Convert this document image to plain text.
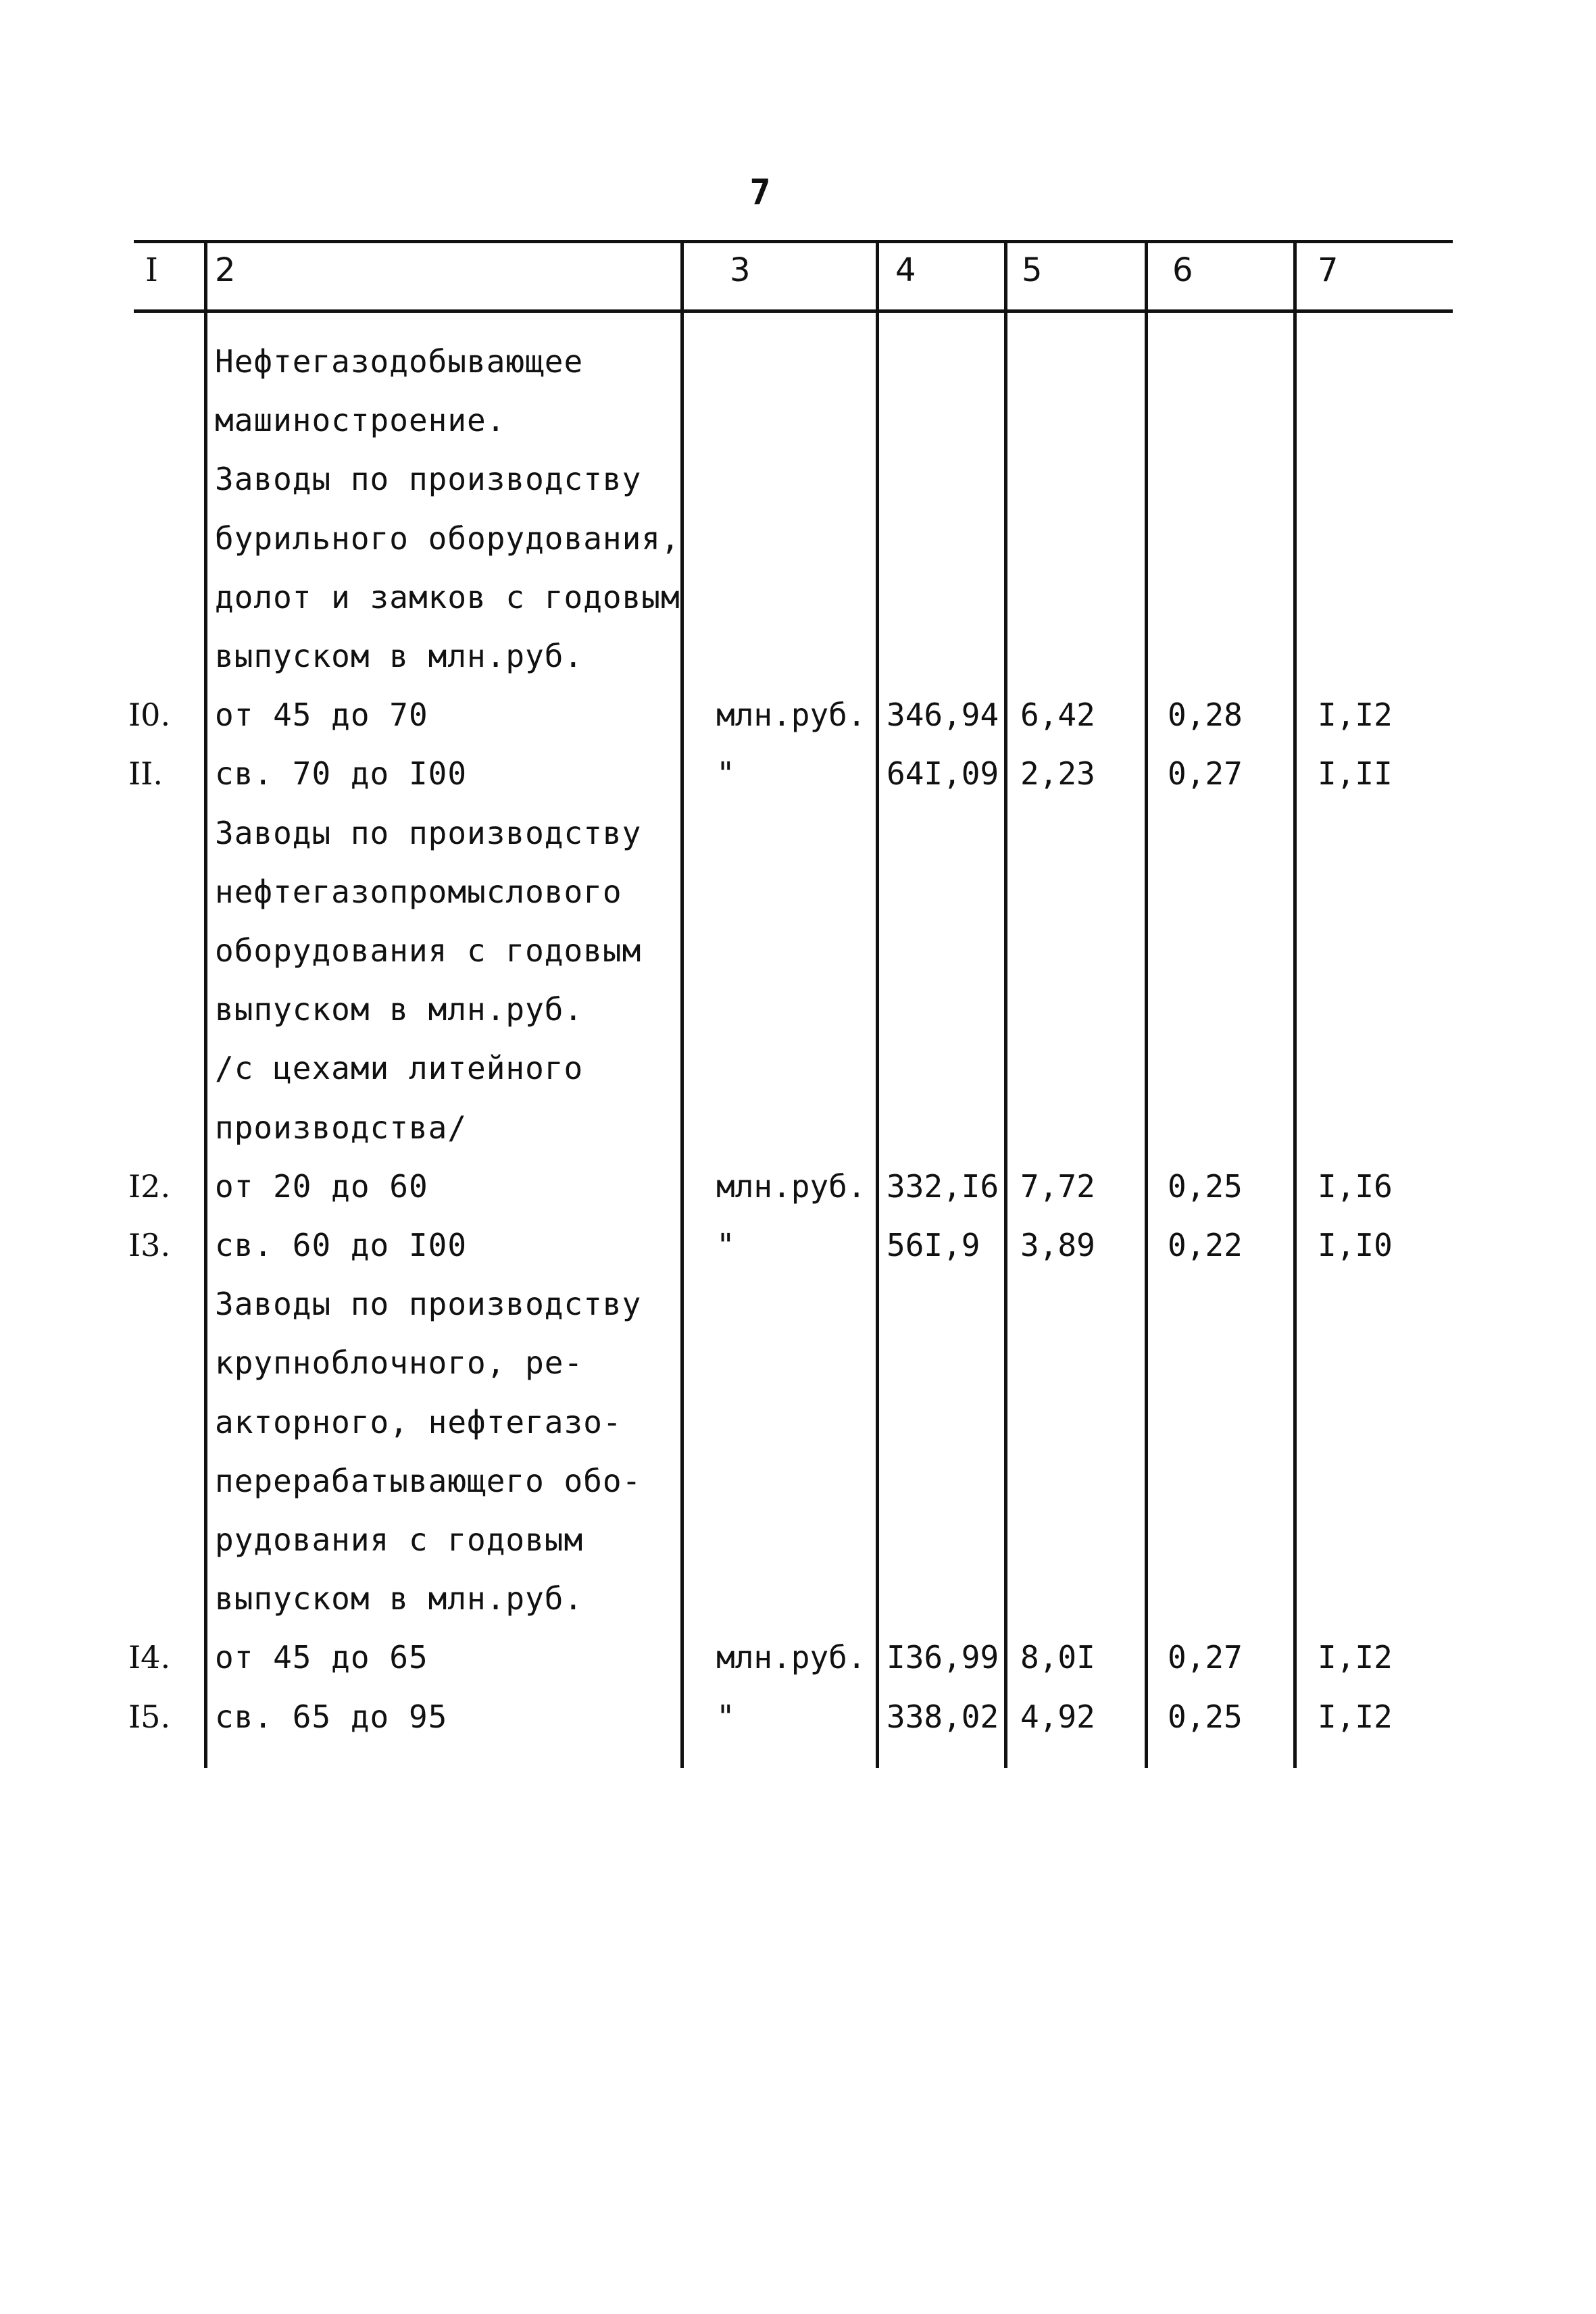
7
I 2	3	4	5	6	7
Нефтегазодобывающее
машиностроение.
Заводы по производству
бурильного оборудования,
долот и замков с годовым
выпуском в млн.руб.
I0. от 45 до 70	млн.руб. 346,94 6,42 0,28 I,I2
II. св. 70 до I00	"	64I,09 2,23 0,27 I,II
Заводы по производству
нефтегазопромыслового
оборудования с годовым
выпуском в млн.руб.
/с цехами литейного
производства/
I2. от 20 до 60	млн.руб. 332,I6 7,72 0,25 I,I6
I3. св. 60 до I00	"	56I,9 3,89 0,22 I,I0
Заводы по производству
крупноблочного, ре-
акторного, нефтегазо-
перерабатывающего обо-
рудования с годовым
выпуском в млн.руб.
I4. от 45 до 65	млн.руб. I36,99 8,0I 0,27 I,I2
I5. св. 65 до 95	"	338,02 4,92 0,25 I,I2
